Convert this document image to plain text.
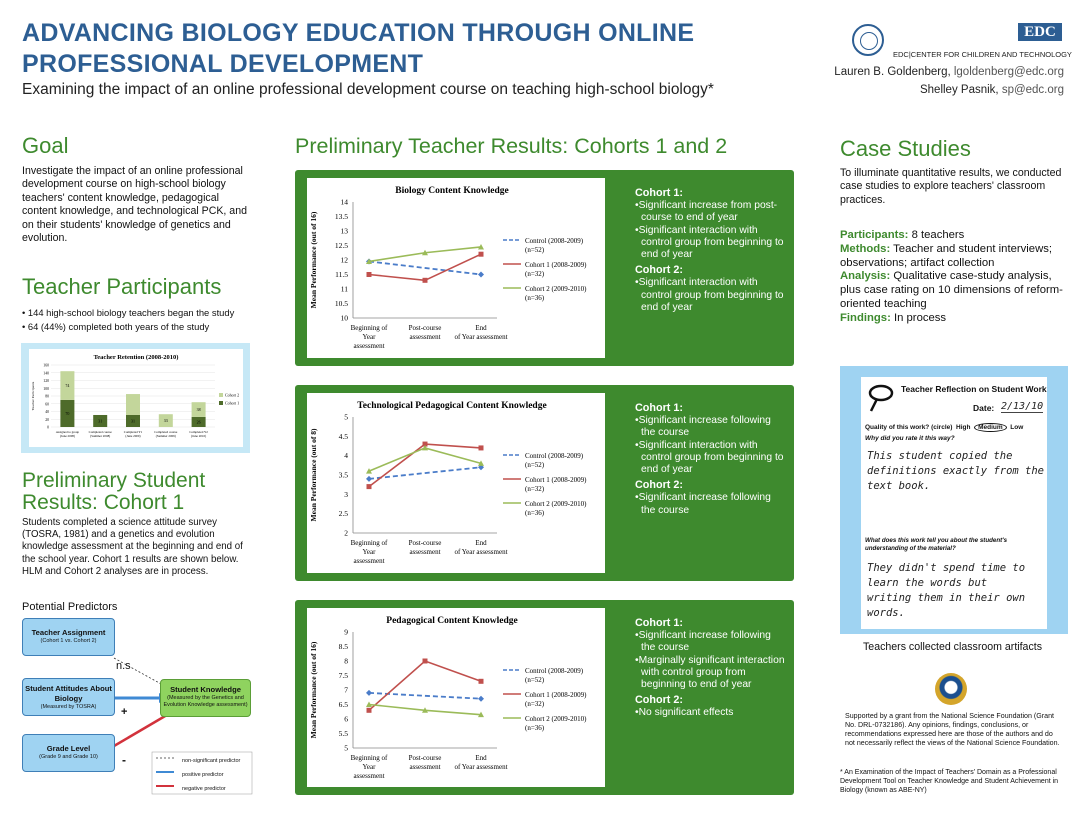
ADVANCING BIOLOGY EDUCATION THROUGH ONLINE PROFESSIONAL DEVELOPMENT
Examining the impact of an online professional development course on teaching high-school biology*
EDC
EDC|CENTER FOR CHILDREN AND TECHNOLOGY
Lauren B. Goldenberg, lgoldenberg@edc.org
Shelley Pasnik, sp@edc.org
Goal
Investigate the impact of an online professional development course on high-school biology teachers' content knowledge, pedagogical content knowledge, and technological PCK, and on their students' knowledge of genetics and evolution.
Teacher Participants
• 144 high-school biology teachers began the study
• 64 (44%) completed both years of the study
Teacher Retention (2008-2010)
Teacher Participants
160
140
120
100
80
60
40
20
0
70
74
Assigned to group
(June 2008)
31
Completed course
(Summer 2008)
31
Completed Y1
(June 2009)
33
Completed course
(Summer 2009)
26
38
Completed Y2
(June 2010)
Cohort 2
Cohort 1
Preliminary Student Results: Cohort 1
Students completed a science attitude survey (TOSRA, 1981) and a genetics and evolution knowledge assessment at the beginning and end of the school year. Cohort 1 results are shown below. HLM and Cohort 2 analyses are in process.
Potential Predictors
Teacher Assignment
(Cohort 1 vs. Cohort 2)
Student Attitudes About Biology
(Measured by TOSRA)
Grade Level
(Grade 9 and Grade 10)
Student Knowledge
(Measured by the Genetics and Evolution Knowledge assessment)
n.s
+
-	non-significant predictor
positive predictor
negative predictor
Preliminary Teacher Results: Cohorts 1 and 2
Biology Content Knowledge
Mean Performance (out of 16)
10
10.5
11
11.5
12
12.5
13
13.5
14
Beginning of
Year
assessment
Post-course
assessment
End
of Year assessment
Control (2008-2009)
(n=52)
Cohort 1 (2008-2009)
(n=32)
Cohort 2 (2009-2010)
(n=36)
Cohort 1:
•Significant increase from post-course to end of year
•Significant interaction with control group from beginning to end of year
Cohort 2:
•Significant interaction with control group from beginning to end of year
Technological Pedagogical Content Knowledge
Mean Performance (out of 8)
2
2.5
3
3.5
4
4.5
5
Beginning of
Year
assessment
Post-course
assessment
End
of Year assessment
Control (2008-2009)
(n=52)
Cohort 1 (2008-2009)
(n=32)
Cohort 2 (2009-2010)
(n=36)
Cohort 1:
•Significant increase following the course
•Significant interaction with control group from beginning to end of year
Cohort 2:
•Significant increase following the course
Pedagogical Content Knowledge
Mean Performance (out of 16)
5
5.5
6
6.5
7
7.5
8
8.5
9
Beginning of
Year
assessment
Post-course
assessment
End
of Year assessment
Control (2008-2009)
(n=52)
Cohort 1 (2008-2009)
(n=32)
Cohort 2 (2009-2010)
(n=36)
Cohort 1:
•Significant increase following the course
•Marginally significant interaction with control group from beginning to end of year
Cohort 2:
•No significant effects
Case Studies
To illuminate quantitative results, we conducted case studies to explore teachers' classroom practices.
Participants: 8 teachers
Methods: Teacher and student interviews; observations; artifact collection
Analysis: Qualitative case-study analysis, plus case rating on 10 dimensions of reform-oriented teaching
Findings: In process
Teacher Reflection on Student Work
Date: 2/13/10
Quality of this work? (circle) High Medium Low
Why did you rate it this way?
This student copied the
definitions exactly from the
text book.
What does this work tell you about the student's understanding of the material?
They didn't spend time to
learn the words but
writing them in their own
words.
Teachers collected classroom artifacts
Supported by a grant from the National Science Foundation (Grant No. DRL-0732186). Any opinions, findings, conclusions, or recommendations expressed here are those of the authors and do not necessarily reflect the views of the National Science Foundation.
* An Examination of the Impact of Teachers' Domain as a Professional Development Tool on Teacher Knowledge and Student Achievement in Biology (known as ABE-NY)
